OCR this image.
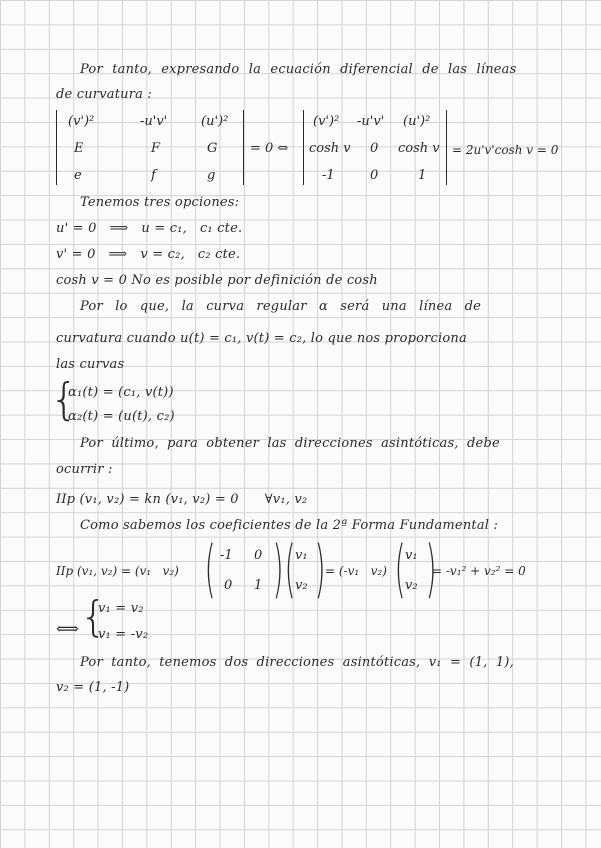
Por tanto, expresando la ecuación diferencial de las líneas
de curvatura :
(v')²	-u'v'	(u')²
E	F	G
e	f	g
= 0 ⇔
(v')² -u'v' (u')²
cosh v 0 cosh v
-1	0	1
= 2u'v'cosh v = 0
Tenemos tres opciones:
u' = 0   ⟹   u = c₁,   c₁ cte.
v' = 0   ⟹   v = c₂,   c₂ cte.
cosh v = 0 No es posible por definición de cosh
Por lo que, la curva regular α será una línea de
curvatura cuando u(t) = c₁, v(t) = c₂, lo que nos proporciona
las curvas
{
α₁(t) = (c₁, v(t))
α₂(t) = (u(t), c₂)
Por último, para obtener las direcciones asintóticas, debe
ocurrir :
IIp (v₁, v₂) = kn (v₁, v₂) = 0      ∀v₁, v₂
Como sabemos los coeficientes de la 2ª Forma Fundamental :
IIp (v₁, v₂) = (v₁   v₂) ( -1 0
0 1 ) ( v₁
v₂ ) = (-v₁   v₂) ( v₁
v₂ )
= -v₁² + v₂² = 0
⟺ {
v₁ = v₂
v₁ = -v₂
Por tanto, tenemos dos direcciones asintóticas, v₁ = (1, 1),
v₂ = (1, -1)
